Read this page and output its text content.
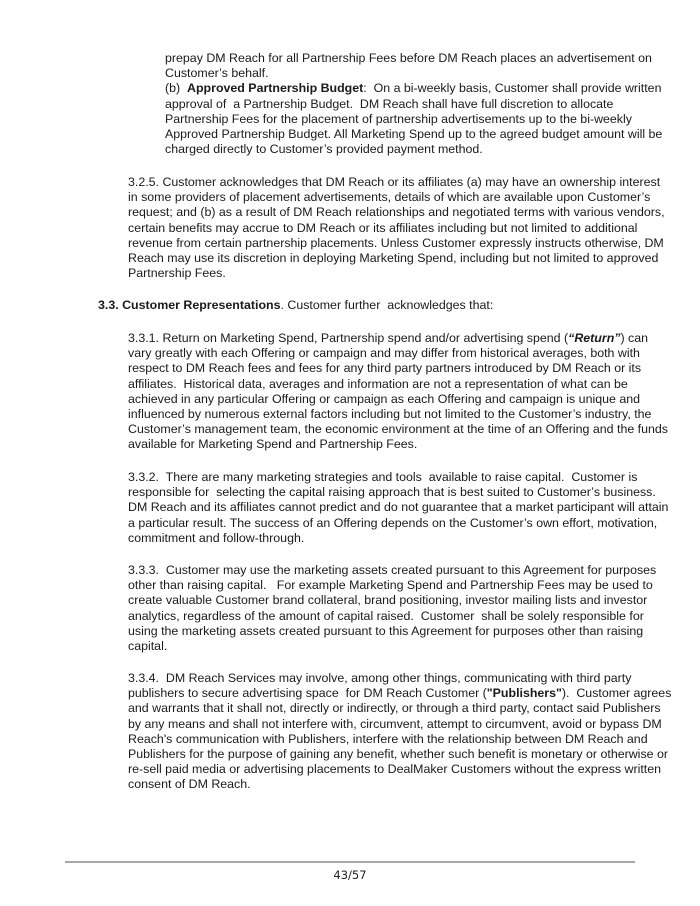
prepay DM Reach for all Partnership Fees before DM Reach places an advertisement on
Customer’s behalf.
(b)  Approved Partnership Budget:  On a bi-weekly basis, Customer shall provide written
approval of  a Partnership Budget.  DM Reach shall have full discretion to allocate
Partnership Fees for the placement of partnership advertisements up to the bi-weekly
Approved Partnership Budget. All Marketing Spend up to the agreed budget amount will be
charged directly to Customer’s provided payment method.
3.2.5. Customer acknowledges that DM Reach or its affiliates (a) may have an ownership interest
in some providers of placement advertisements, details of which are available upon Customer’s
request; and (b) as a result of DM Reach relationships and negotiated terms with various vendors,
certain benefits may accrue to DM Reach or its affiliates including but not limited to additional
revenue from certain partnership placements. Unless Customer expressly instructs otherwise, DM
Reach may use its discretion in deploying Marketing Spend, including but not limited to approved
Partnership Fees.
3.3. Customer Representations. Customer further  acknowledges that:
3.3.1. Return on Marketing Spend, Partnership spend and/or advertising spend (“Return”) can
vary greatly with each Offering or campaign and may differ from historical averages, both with
respect to DM Reach fees and fees for any third party partners introduced by DM Reach or its
affiliates.  Historical data, averages and information are not a representation of what can be
achieved in any particular Offering or campaign as each Offering and campaign is unique and
influenced by numerous external factors including but not limited to the Customer’s industry, the
Customer’s management team, the economic environment at the time of an Offering and the funds
available for Marketing Spend and Partnership Fees.
3.3.2.  There are many marketing strategies and tools  available to raise capital.  Customer is
responsible for  selecting the capital raising approach that is best suited to Customer’s business.
DM Reach and its affiliates cannot predict and do not guarantee that a market participant will attain
a particular result. The success of an Offering depends on the Customer’s own effort, motivation,
commitment and follow-through.
3.3.3.  Customer may use the marketing assets created pursuant to this Agreement for purposes
other than raising capital.   For example Marketing Spend and Partnership Fees may be used to
create valuable Customer brand collateral, brand positioning, investor mailing lists and investor
analytics, regardless of the amount of capital raised.  Customer  shall be solely responsible for
using the marketing assets created pursuant to this Agreement for purposes other than raising
capital.
3.3.4.  DM Reach Services may involve, among other things, communicating with third party
publishers to secure advertising space  for DM Reach Customer ("Publishers").  Customer agrees
and warrants that it shall not, directly or indirectly, or through a third party, contact said Publishers
by any means and shall not interfere with, circumvent, attempt to circumvent, avoid or bypass DM
Reach's communication with Publishers, interfere with the relationship between DM Reach and
Publishers for the purpose of gaining any benefit, whether such benefit is monetary or otherwise or
re-sell paid media or advertising placements to DealMaker Customers without the express written
consent of DM Reach.
43/57
